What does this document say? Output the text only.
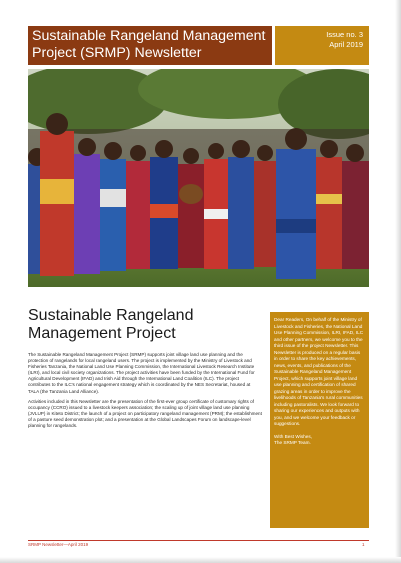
Sustainable Rangeland Management Project (SRMP) Newsletter
Issue no. 3
April 2019
Sustainable Rangeland Management Project

The Sustainable Rangeland Management Project (SRMP) supports joint village land use planning and the protection of rangelands for local rangeland users. The project is implemented by the Ministry of Livestock and Fisheries Tanzania, the National Land Use Planning Commission, the International Livestock Research Institute (ILRI), and local civil society organizations. The project activities have been funded by the International Fund for Agricultural Development (IFAD) and Irish Aid through the International Land Coalition (ILC). The project contributes to the ILC's national engagement strategy which is coordinated by the NES Secretariat, housed at TALA (the Tanzania Land Alliance).

Activities included in this Newsletter are the presentation of the first-ever group certificate of customary rights of occupancy (CCRO) issued to a livestock keepers association; the scaling up of joint village land use planning (JVLUP) in Kiteto District; the launch of a project on participatory rangeland management (PRM); the establishment of a pasture seed demonstration plot; and a presentation at the Global Landscapes Forum on landscape-level planning for rangelands.

Dear Readers, On behalf of the Ministry of Livestock and Fisheries, the National Land Use Planning Commission, ILRI, IFAD, ILC and other partners, we welcome you to the third issue of the project Newsletter. This Newsletter is produced on a regular basis in order to share the key achievements, news, events, and publications of the Sustainable Rangeland Management Project, which supports joint village land use planning and certification of shared grazing areas in order to improve the livelihoods of Tanzania's rural communities including pastoralists. We look forward to sharing our experiences and outputs with you, and we welcome your feedback or suggestions.

With Best Wishes,
The SRMP Team.
SRMP Newsletter—April 2019	1
